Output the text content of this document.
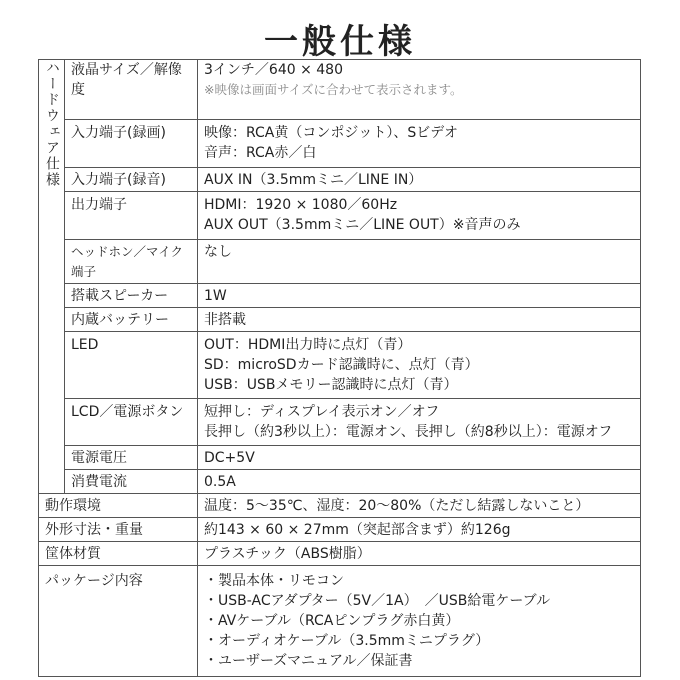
一般仕様
ハードウェア仕様	液晶サイズ／解像度	3インチ／640 × 480
※映像は画面サイズに合わせて表示されます。

	入力端子(録画)	映像：RCA黄（コンポジット）、Sビデオ
音声：RCA赤／白

	入力端子(録音)	AUX IN（3.5mmミニ／LINE IN）
	出力端子	HDMI：1920 × 1080／60Hz
AUX OUT（3.5mmミニ／LINE OUT）※音声のみ

	ヘッドホン／マイク端子	なし
	搭載スピーカー	1W
	内蔵バッテリー	非搭載
	LED	OUT：HDMI出力時に点灯（青）
SD：microSDカード認識時に、点灯（青）
USB：USBメモリー認識時に点灯（青）

	LCD／電源ボタン	短押し：ディスプレイ表示オン／オフ
長押し（約3秒以上）：電源オン、長押し（約8秒以上）：電源オフ

	電源電圧	DC+5V
	消費電流	0.5A
動作環境		温度：5～35℃、湿度：20～80%（ただし結露しないこと）
外形寸法・重量		約143 × 60 × 27mm（突起部含まず）約126g
筐体材質		プラスチック（ABS樹脂）
パッケージ内容		・製品本体・リモコン
・USB-ACアダプター（5V／1A）　／USB給電ケーブル
・AVケーブル（RCAピンプラグ赤白黄）
・オーディオケーブル（3.5mmミニプラグ）
・ユーザーズマニュアル／保証書
